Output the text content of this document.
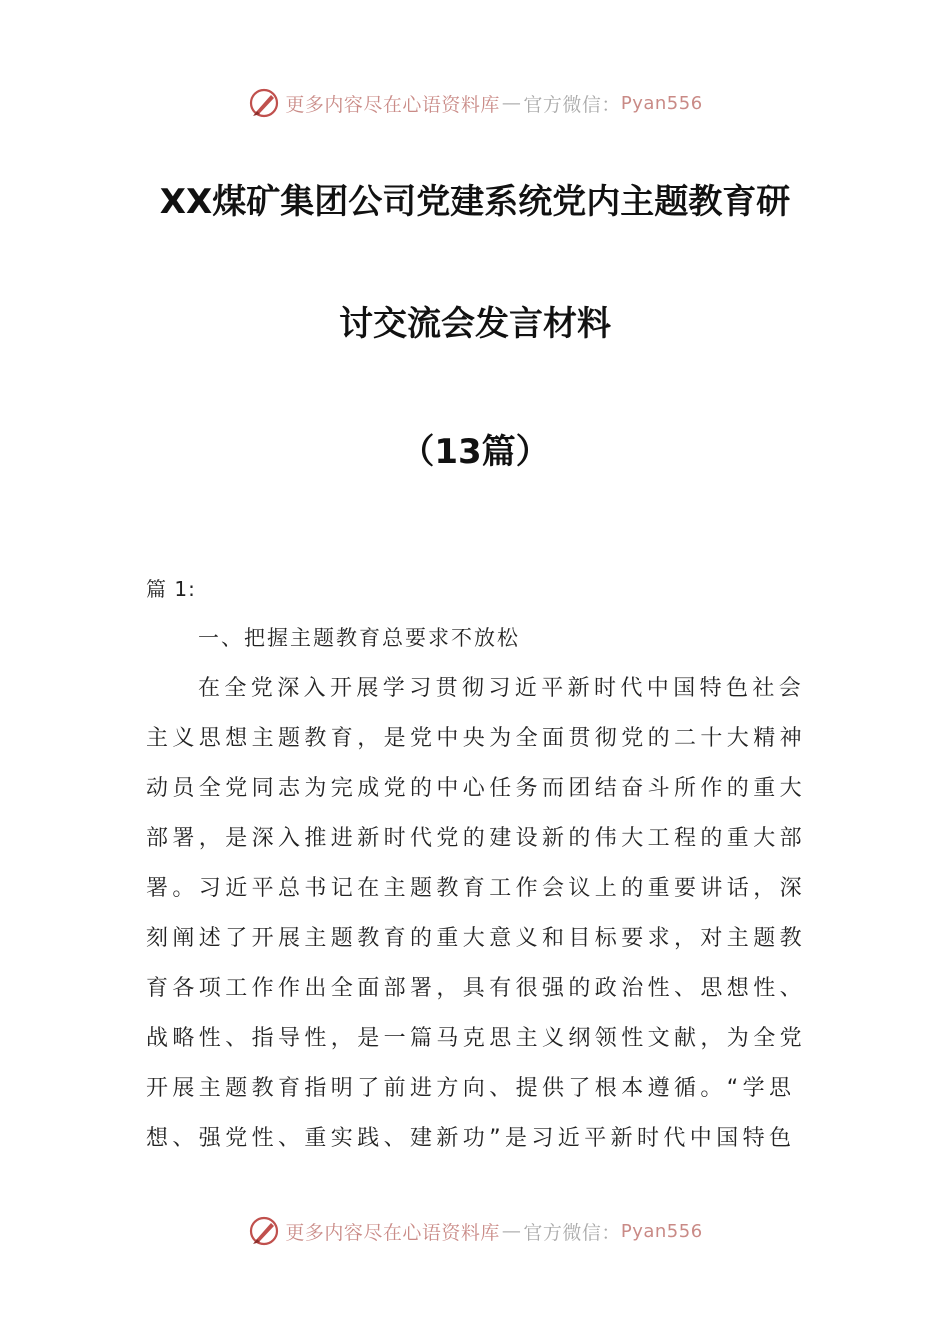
更多内容尽在心语资料库 — 官方微信： Pyan556
XX煤矿集团公司党建系统党内主题教育研
讨交流会发言材料
（13篇）
篇 1:
一、把握主题教育总要求不放松
在全党深入开展学习贯彻习近平新时代中国特色社会
主义思想主题教育，是党中央为全面贯彻党的二十大精神
动员全党同志为完成党的中心任务而团结奋斗所作的重大
部署，是深入推进新时代党的建设新的伟大工程的重大部
署。习近平总书记在主题教育工作会议上的重要讲话，深
刻阐述了开展主题教育的重大意义和目标要求，对主题教
育各项工作作出全面部署，具有很强的政治性、思想性、
战略性、指导性，是一篇马克思主义纲领性文献，为全党
开展主题教育指明了前进方向、提供了根本遵循。“学思
想、强党性、重实践、建新功”是习近平新时代中国特色
更多内容尽在心语资料库 — 官方微信： Pyan556
